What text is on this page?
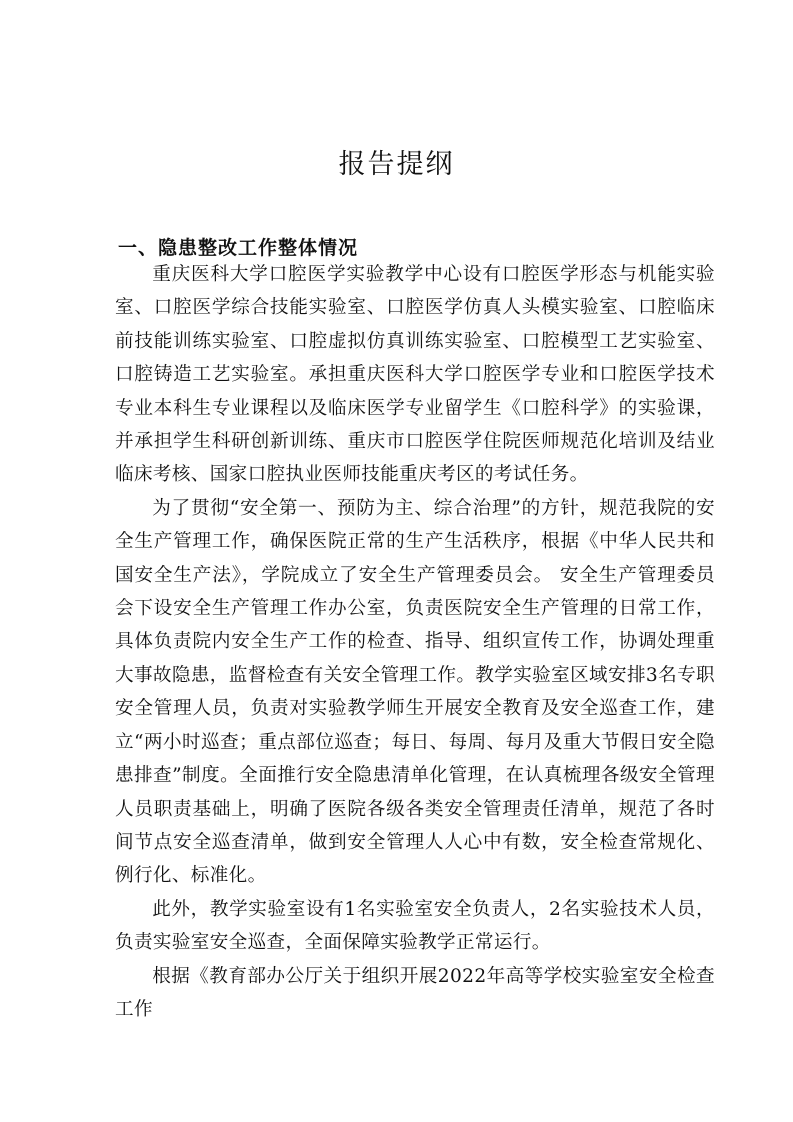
报告提纲
一、隐患整改工作整体情况

重庆医科大学口腔医学实验教学中心设有口腔医学形态与机能实验室、口腔医学综合技能实验室、口腔医学仿真人头模实验室、口腔临床前技能训练实验室、口腔虚拟仿真训练实验室、口腔模型工艺实验室、口腔铸造工艺实验室。承担重庆医科大学口腔医学专业和口腔医学技术专业本科生专业课程以及临床医学专业留学生《口腔科学》的实验课，并承担学生科研创新训练、重庆市口腔医学住院医师规范化培训及结业临床考核、国家口腔执业医师技能重庆考区的考试任务。

为了贯彻“安全第一、预防为主、综合治理”的方针，规范我院的安全生产管理工作，确保医院正常的生产生活秩序，根据《中华人民共和国安全生产法》，学院成立了安全生产管理委员会。 安全生产管理委员会下设安全生产管理工作办公室，负责医院安全生产管理的日常工作，具体负责院内安全生产工作的检查、指导、组织宣传工作，协调处理重大事故隐患，监督检查有关安全管理工作。教学实验室区域安排3名专职安全管理人员，负责对实验教学师生开展安全教育及安全巡查工作，建立“两小时巡查；重点部位巡查；每日、每周、每月及重大节假日安全隐患排查”制度。全面推行安全隐患清单化管理，在认真梳理各级安全管理人员职责基础上，明确了医院各级各类安全管理责任清单，规范了各时间节点安全巡查清单，做到安全管理人人心中有数，安全检查常规化、例行化、标准化。

此外，教学实验室设有1名实验室安全负责人，2名实验技术人员，负责实验室安全巡查，全面保障实验教学正常运行。

根据《教育部办公厅关于组织开展2022年高等学校实验室安全检查工作
